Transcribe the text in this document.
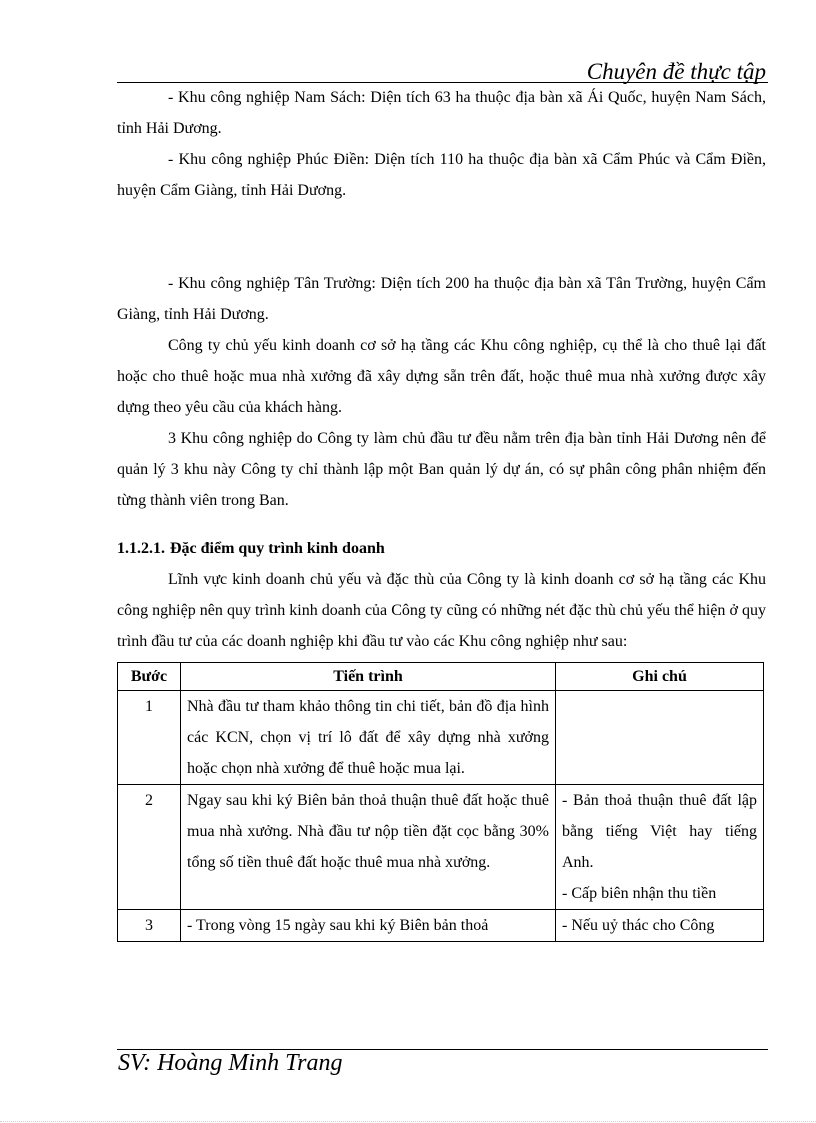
Chuyên đề thực tập

- Khu công nghiệp Nam Sách: Diện tích 63 ha thuộc địa bàn xã Ái Quốc, huyện Nam Sách, tỉnh Hải Dương.

- Khu công nghiệp Phúc Điền: Diện tích 110 ha thuộc địa bàn xã Cẩm Phúc và Cẩm Điền, huyện Cẩm Giàng, tỉnh Hải Dương.

- Khu công nghiệp Tân Trường: Diện tích 200 ha thuộc địa bàn xã Tân Trường, huyện Cẩm Giàng, tỉnh Hải Dương.

Công ty chủ yếu kinh doanh cơ sở hạ tầng các Khu công nghiệp, cụ thể là cho thuê lại đất hoặc cho thuê hoặc mua nhà xưởng đã xây dựng sẵn trên đất, hoặc thuê mua nhà xưởng được xây dựng theo yêu cầu của khách hàng.

3 Khu công nghiệp do Công ty làm chủ đầu tư đều nằm trên địa bàn tỉnh Hải Dương nên để quản lý 3 khu này Công ty chỉ thành lập một Ban quản lý dự án, có sự phân công phân nhiệm đến từng thành viên trong Ban.

1.1.2.1. Đặc điểm quy trình kinh doanh

Lĩnh vực kinh doanh chủ yếu và đặc thù của Công ty là kinh doanh cơ sở hạ tầng các Khu công nghiệp nên quy trình kinh doanh của Công ty cũng có những nét đặc thù chủ yếu thể hiện ở quy trình đầu tư của các doanh nghiệp khi đầu tư vào các Khu công nghiệp như sau:

Bước	Tiến trình	Ghi chú
1	Nhà đầu tư tham khảo thông tin chi tiết, bản đồ địa hình các KCN, chọn vị trí lô đất để xây dựng nhà xưởng hoặc chọn nhà xưởng để thuê hoặc mua lại.	
2	Ngay sau khi ký Biên bản thoả thuận thuê đất hoặc thuê mua nhà xưởng. Nhà đầu tư nộp tiền đặt cọc bằng 30% tổng số tiền thuê đất hoặc thuê mua nhà xưởng.	- Bản thoả thuận thuê đất lập bằng tiếng Việt hay tiếng Anh.
- Cấp biên nhận thu tiền

3	- Trong vòng 15 ngày sau khi ký Biên bản thoả	- Nếu uỷ thác cho Công
SV: Hoàng Minh Trang
